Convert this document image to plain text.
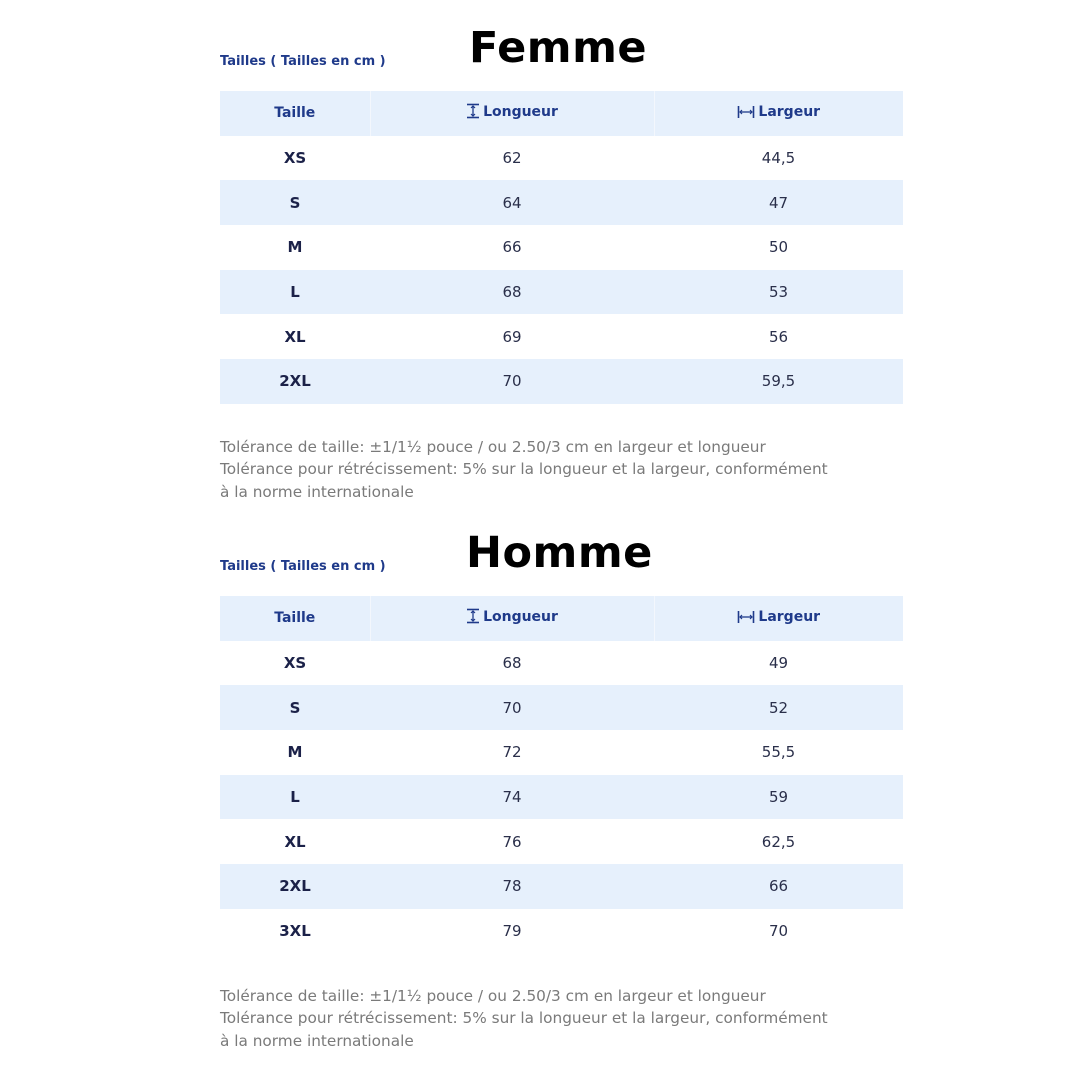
Femme
Tailles ( Tailles en cm )
Taille	Longueur	Largeur
XS	62	44,5
S	64	47
M	66	50
L	68	53
XL	69	56
2XL	70	59,5
Tolérance de taille: ±1/1½ pouce / ou 2.50/3 cm en largeur et longueur
Tolérance pour rétrécissement: 5% sur la longueur et la largeur, conformément
à la norme internationale
Homme
Tailles ( Tailles en cm )
Taille	Longueur	Largeur
XS	68	49
S	70	52
M	72	55,5
L	74	59
XL	76	62,5
2XL	78	66
3XL	79	70
Tolérance de taille: ±1/1½ pouce / ou 2.50/3 cm en largeur et longueur
Tolérance pour rétrécissement: 5% sur la longueur et la largeur, conformément
à la norme internationale
